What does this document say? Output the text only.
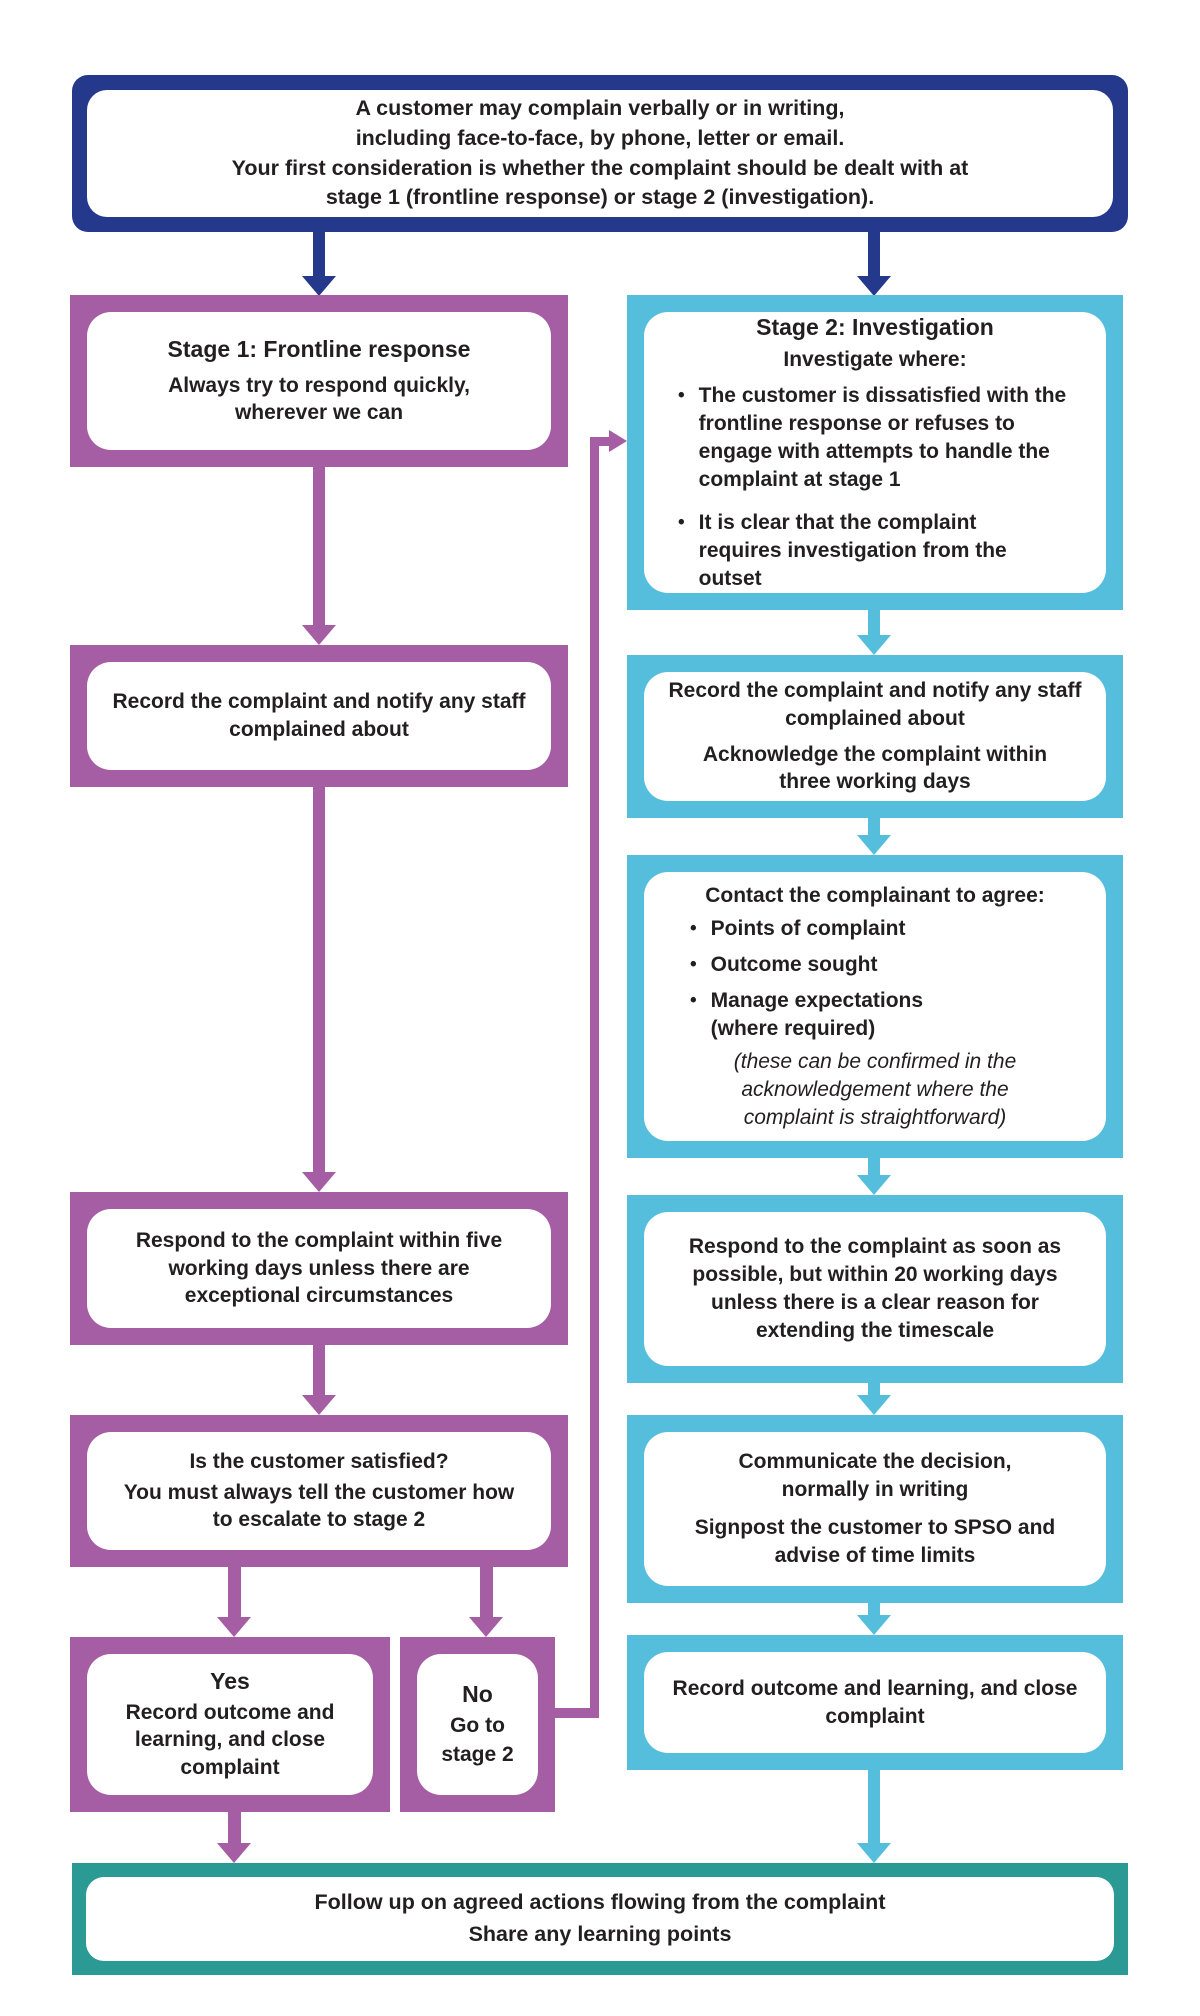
A customer may complain verbally or in writing,
including face-to-face, by phone, letter or email.
Your first consideration is whether the complaint should be dealt with at
stage 1 (frontline response) or stage 2 (investigation).
Stage 1: Frontline response
Always try to respond quickly, wherever we can
Record the complaint and notify any staff complained about
Respond to the complaint within five working days unless there are exceptional circumstances
Is the customer satisfied?
You must always tell the customer how to escalate to stage 2
Yes
Record outcome and learning, and close complaint
No
Go to
stage 2
Stage 2: Investigation
Investigate where:
• The customer is dissatisfied with the frontline response or refuses to engage with attempts to handle the complaint at stage 1
• It is clear that the complaint requires investigation from the outset
Record the complaint and notify any staff complained about
Acknowledge the complaint within
three working days
Contact the complainant to agree:
• Points of complaint
• Outcome sought
• Manage expectations
(where required)
(these can be confirmed in the acknowledgement where the complaint is straightforward)
Respond to the complaint as soon as possible, but within 20 working days unless there is a clear reason for extending the timescale
Communicate the decision, normally in writing
Signpost the customer to SPSO and advise of time limits
Record outcome and learning, and close complaint
Follow up on agreed actions flowing from the complaint
Share any learning points
